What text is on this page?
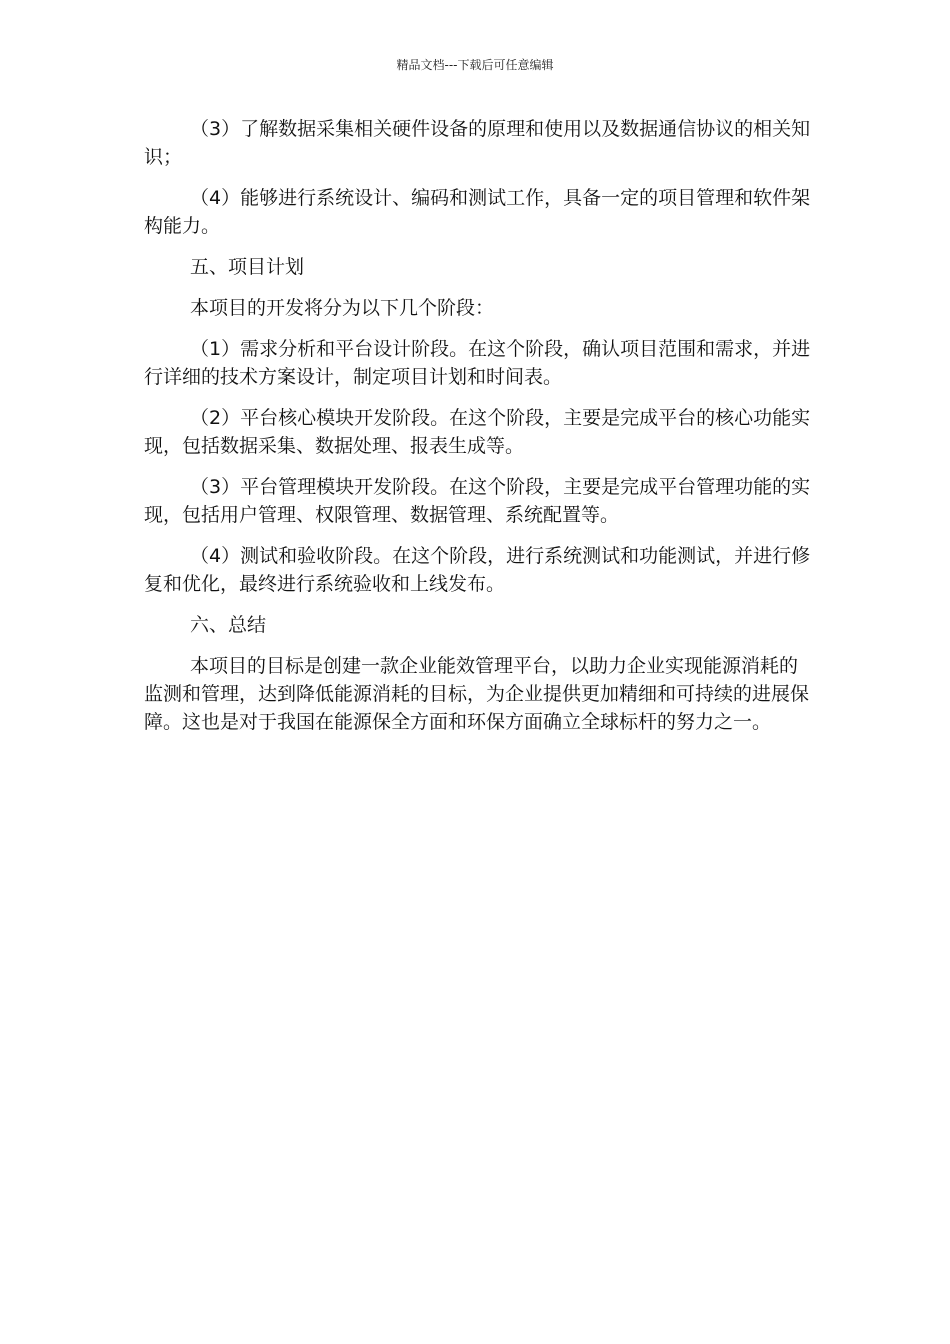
精品文档---下载后可任意编辑

（3）了解数据采集相关硬件设备的原理和使用以及数据通信协议的相关知识；

（4）能够进行系统设计、编码和测试工作，具备一定的项目管理和软件架构能力。

五、项目计划

本项目的开发将分为以下几个阶段：

（1）需求分析和平台设计阶段。在这个阶段，确认项目范围和需求，并进行详细的技术方案设计，制定项目计划和时间表。

（2）平台核心模块开发阶段。在这个阶段，主要是完成平台的核心功能实现，包括数据采集、数据处理、报表生成等。

（3）平台管理模块开发阶段。在这个阶段，主要是完成平台管理功能的实现，包括用户管理、权限管理、数据管理、系统配置等。

（4）测试和验收阶段。在这个阶段，进行系统测试和功能测试，并进行修复和优化，最终进行系统验收和上线发布。

六、总结

本项目的目标是创建一款企业能效管理平台，以助力企业实现能源消耗的监测和管理，达到降低能源消耗的目标，为企业提供更加精细和可持续的进展保障。这也是对于我国在能源保全方面和环保方面确立全球标杆的努力之一。
